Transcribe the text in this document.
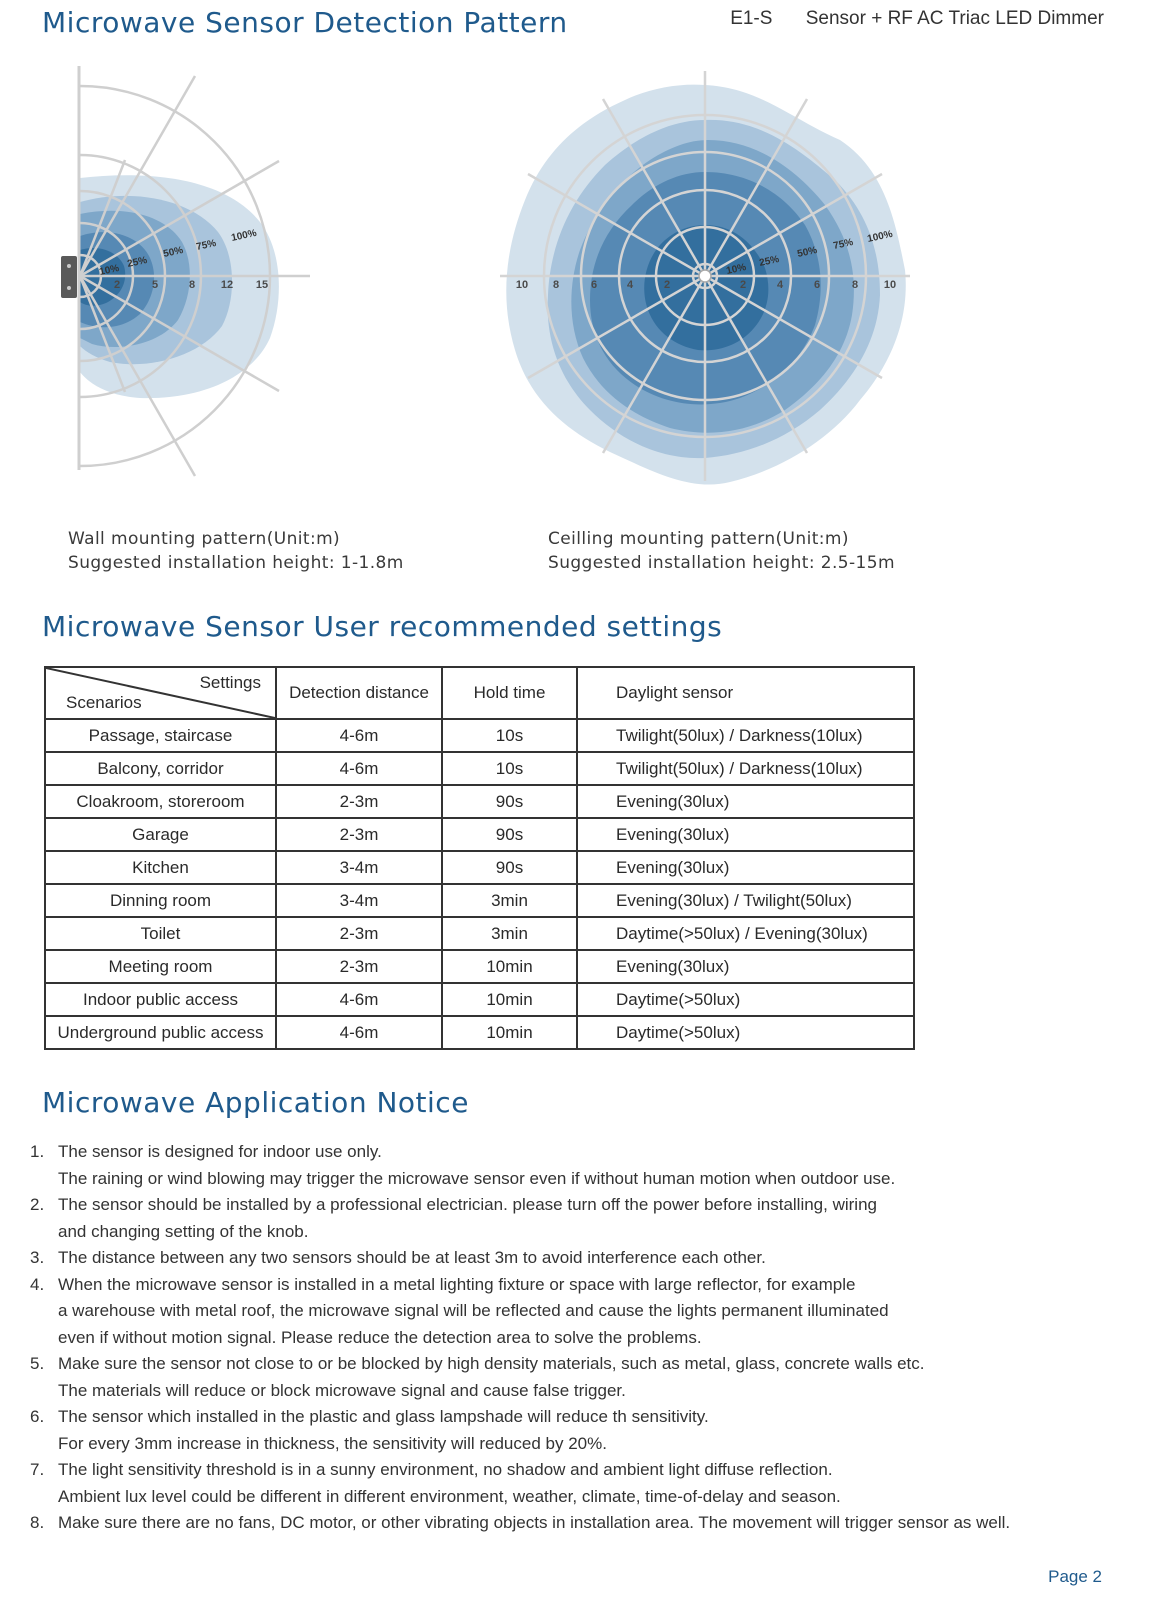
Microwave Sensor Detection Pattern	E1-S Sensor + RF AC Triac LED Dimmer
2	5	8 12 15
10%
25%
50% 75%
100%
10 8	6	4	2	2	4	6	8 10
10%
25%
50%
75% 100%
Wall mounting pattern(Unit:m)
Suggested installation height: 1-1.8m
Ceilling mounting pattern(Unit:m)
Suggested installation height: 2.5-15m
Microwave Sensor User recommended settings
Settings
Scenarios	Detection distance	Hold time	Daylight sensor
Passage, staircase	4-6m	10s	Twilight(50lux) / Darkness(10lux)
Balcony, corridor	4-6m	10s	Twilight(50lux) / Darkness(10lux)
Cloakroom, storeroom	2-3m	90s	Evening(30lux)
Garage	2-3m	90s	Evening(30lux)
Kitchen	3-4m	90s	Evening(30lux)
Dinning room	3-4m	3min	Evening(30lux) / Twilight(50lux)
Toilet	2-3m	3min	Daytime(>50lux) / Evening(30lux)
Meeting room	2-3m	10min	Evening(30lux)
Indoor public access	4-6m	10min	Daytime(>50lux)
Underground public access	4-6m	10min	Daytime(>50lux)
Microwave Application Notice
1. The sensor is designed for indoor use only.
The raining or wind blowing may trigger the microwave sensor even if without human motion when outdoor use.
2. The sensor should be installed by a professional electrician. please turn off the power before installing, wiring
and changing setting of the knob.
3. The distance between any two sensors should be at least 3m to avoid interference each other.
4. When the microwave sensor is installed in a metal lighting fixture or space with large reflector, for example
a warehouse with metal roof, the microwave signal will be reflected and cause the lights permanent illuminated
even if without motion signal. Please reduce the detection area to solve the problems.
5. Make sure the sensor not close to or be blocked by high density materials, such as metal, glass, concrete walls etc.
The materials will reduce or block microwave signal and cause false trigger.
6. The sensor which installed in the plastic and glass lampshade will reduce th sensitivity.
For every 3mm increase in thickness, the sensitivity will reduced by 20%.
7. The light sensitivity threshold is in a sunny environment, no shadow and ambient light diffuse reflection.
Ambient lux level could be different in different environment, weather, climate, time-of-delay and season.
8. Make sure there are no fans, DC motor, or other vibrating objects in installation area. The movement will trigger sensor as well.
Page 2
